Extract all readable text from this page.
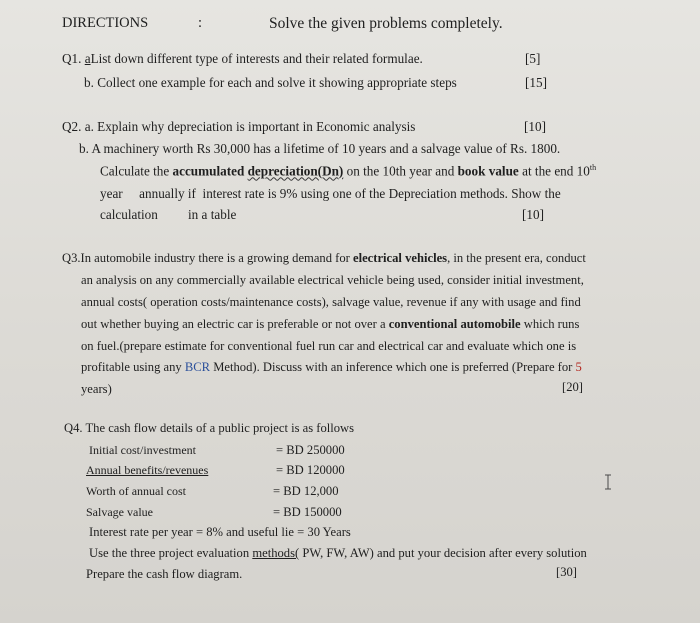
DIRECTIONS	:	Solve the given problems completely.
Q1. aList down different type of interests and their related formulae.	[5]
b. Collect one example for each and solve it showing appropriate steps	[15]
Q2. a. Explain why depreciation is important in Economic analysis	[10]
b. A machinery worth Rs 30,000 has a lifetime of 10 years and a salvage value of Rs. 1800.
Calculate the accumulated depreciation(Dn) on the 10th year and book value at the end 10th
year     annually if  interest rate is 9% using one of the Depreciation methods. Show the
calculation in a table	[10]
Q3.In automobile industry there is a growing demand for electrical vehicles, in the present era, conduct
an analysis on any commercially available electrical vehicle being used, consider initial investment,
annual costs( operation costs/maintenance costs), salvage value, revenue if any with usage and find
out whether buying an electric car is preferable or not over a conventional automobile which runs
on fuel.(prepare estimate for conventional fuel run car and electrical car and evaluate which one is
profitable using any BCR Method). Discuss with an inference which one is preferred (Prepare for 5
years)	[20]
Q4. The cash flow details of a public project is as follows
Initial cost/investment	= BD 250000
Annual benefits/revenues	= BD 120000
Worth of annual cost	= BD 12,000
Salvage value	= BD 150000
Interest rate per year = 8% and useful lie = 30 Years
Use the three project evaluation methods( PW, FW, AW) and put your decision after every solution
Prepare the cash flow diagram.	[30]
